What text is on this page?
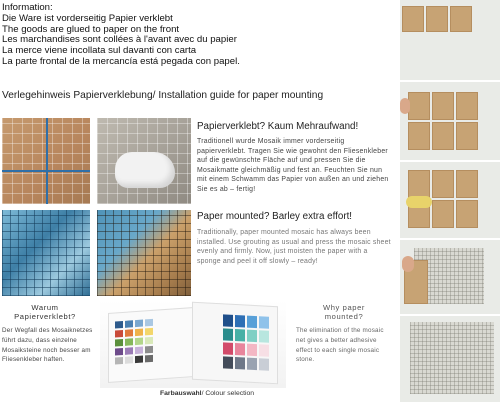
Information:
Die Ware ist vorderseitig Papier verklebt
The goods are glued to paper on the front
Les marchandises sont collées à l'avant avec du papier
La merce viene incollata sul davanti con carta
La parte frontal de la mercancía está pegada con papel.
Verlegehinweis Papierverklebung/ Installation guide for paper mounting
Papierverklebt? Kaum Mehraufwand!
Traditionell wurde Mosaik immer vorderseitig papierverklebt. Tragen Sie wie gewohnt den Fliesenkleber auf die gewünschte Fläche auf und pressen Sie die Mosaikmatte gleichmäßig und fest an. Feuchten Sie nun mit einem Schwamm das Papier von außen an und ziehen Sie es ab – fertig!
Paper mounted? Barley extra effort!
Traditionally, paper mounted mosaic has always been installed. Use grouting as usual and press the mosaic sheet evenly and firmly. Now, just moisten the paper with a sponge and peel it off slowly – ready!
Warum
Papierverklebt?
Der Wegfall des Mosaiknetzes führt dazu, dass einzelne Mosaiksteine noch besser am Fliesenkleber haften.
Farbauswahl/ Colour selection
Why paper
mounted?
The elimination of the mosaic net gives a better adhesive effect to each single mosaic stone.
